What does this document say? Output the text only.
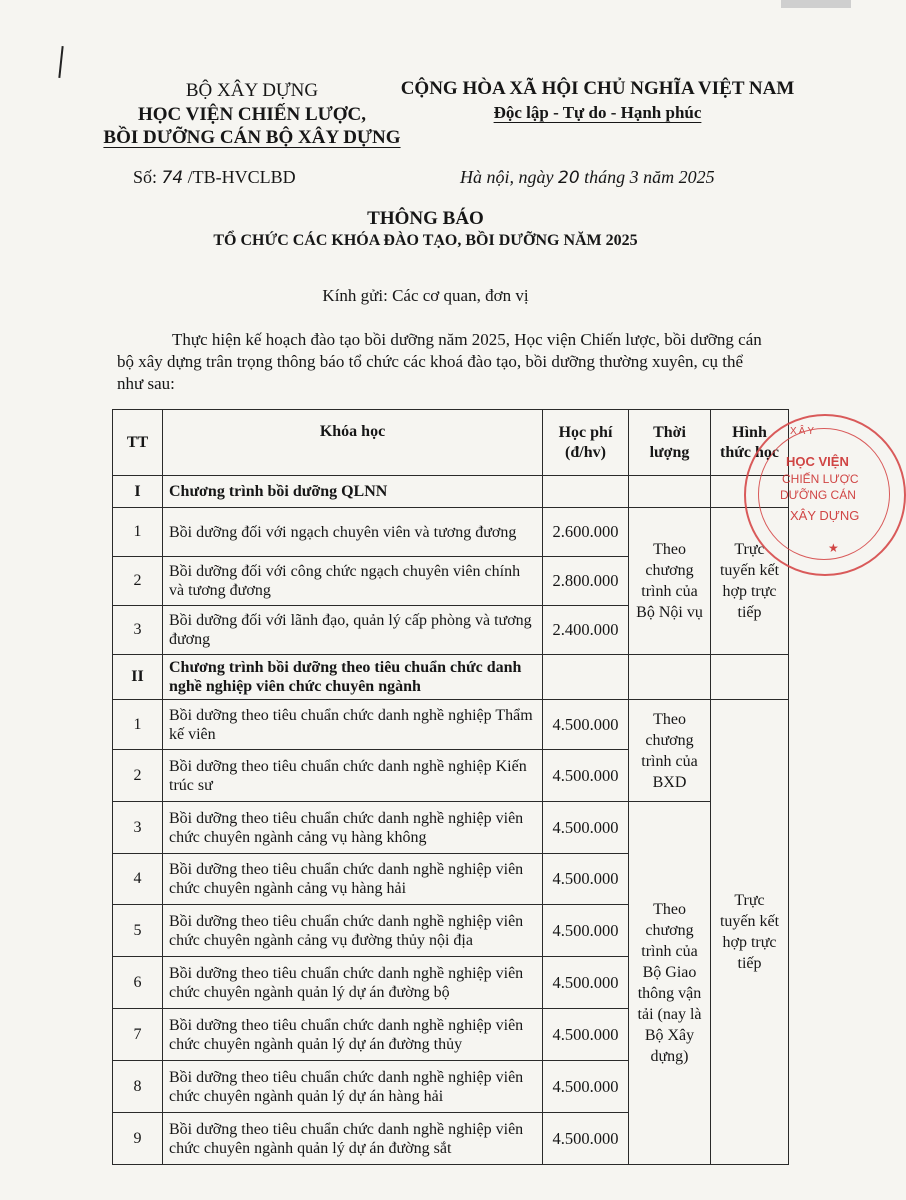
BỘ XÂY DỰNG
HỌC VIỆN CHIẾN LƯỢC,
BỒI DƯỠNG CÁN BỘ XÂY DỰNG
CỘNG HÒA XÃ HỘI CHỦ NGHĨA VIỆT NAM
Độc lập - Tự do - Hạnh phúc
Số: 74 /TB-HVCLBD	Hà nội, ngày 20 tháng 3 năm 2025
THÔNG BÁO
TỔ CHỨC CÁC KHÓA ĐÀO TẠO, BỒI DƯỠNG NĂM 2025
Kính gửi: Các cơ quan, đơn vị

Thực hiện kế hoạch đào tạo bồi dưỡng năm 2025, Học viện Chiến lược, bồi dưỡng cán bộ xây dựng trân trọng thông báo tổ chức các khoá đào tạo, bồi dưỡng thường xuyên, cụ thể như sau:

TT	Khóa học	Học phí (đ/hv)	Thời lượng	Hình thức học
I	Chương trình bồi dưỡng QLNN			
1	Bồi dưỡng đối với ngạch chuyên viên và tương đương	2.600.000	Theo chương trình của Bộ Nội vụ	Trực tuyến kết hợp trực tiếp
2	Bồi dưỡng đối với công chức ngạch chuyên viên chính và tương đương	2.800.000		
3	Bồi dưỡng đối với lãnh đạo, quản lý cấp phòng và tương đương	2.400.000		
II	Chương trình bồi dưỡng theo tiêu chuẩn chức danh nghề nghiệp viên chức chuyên ngành			
1	Bồi dưỡng theo tiêu chuẩn chức danh nghề nghiệp Thẩm kế viên	4.500.000	Theo chương trình của BXD	Trực tuyến kết hợp trực tiếp
2	Bồi dưỡng theo tiêu chuẩn chức danh nghề nghiệp Kiến trúc sư	4.500.000		
3	Bồi dưỡng theo tiêu chuẩn chức danh nghề nghiệp viên chức chuyên ngành cảng vụ hàng không	4.500.000	Theo chương trình của Bộ Giao thông vận tải (nay là Bộ Xây dựng)	
4	Bồi dưỡng theo tiêu chuẩn chức danh nghề nghiệp viên chức chuyên ngành cảng vụ hàng hải	4.500.000		
5	Bồi dưỡng theo tiêu chuẩn chức danh nghề nghiệp viên chức chuyên ngành cảng vụ đường thủy nội địa	4.500.000		
6	Bồi dưỡng theo tiêu chuẩn chức danh nghề nghiệp viên chức chuyên ngành quản lý dự án đường bộ	4.500.000		
7	Bồi dưỡng theo tiêu chuẩn chức danh nghề nghiệp viên chức chuyên ngành quản lý dự án đường thủy	4.500.000		
8	Bồi dưỡng theo tiêu chuẩn chức danh nghề nghiệp viên chức chuyên ngành quản lý dự án hàng hải	4.500.000		
9	Bồi dưỡng theo tiêu chuẩn chức danh nghề nghiệp viên chức chuyên ngành quản lý dự án đường sắt	4.500.000		
XÂY
HỌC VIỆN
CHIẾN LƯỢC
DƯỠNG CÁN
XÂY DỰNG
★
